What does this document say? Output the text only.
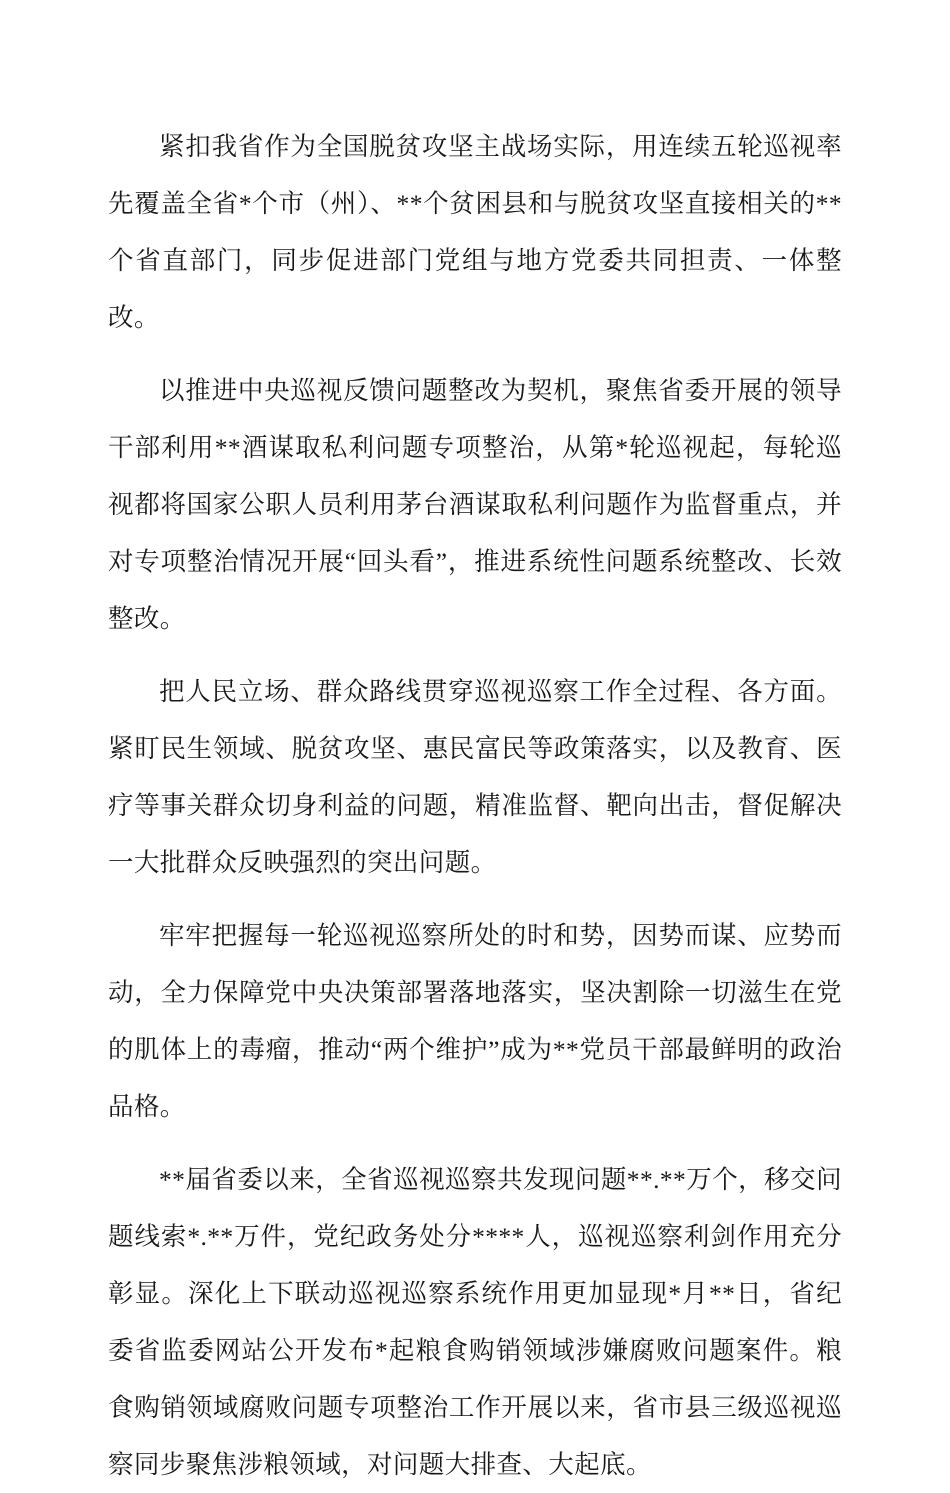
紧扣我省作为全国脱贫攻坚主战场实际，用连续五轮巡视率先覆盖全省*个市（州）、**个贫困县和与脱贫攻坚直接相关的**个省直部门，同步促进部门党组与地方党委共同担责、一体整改。

以推进中央巡视反馈问题整改为契机，聚焦省委开展的领导干部利用**酒谋取私利问题专项整治，从第*轮巡视起，每轮巡视都将国家公职人员利用茅台酒谋取私利问题作为监督重点，并对专项整治情况开展“回头看”，推进系统性问题系统整改、长效整改。

把人民立场、群众路线贯穿巡视巡察工作全过程、各方面。紧盯民生领域、脱贫攻坚、惠民富民等政策落实，以及教育、医疗等事关群众切身利益的问题，精准监督、靶向出击，督促解决一大批群众反映强烈的突出问题。

牢牢把握每一轮巡视巡察所处的时和势，因势而谋、应势而动，全力保障党中央决策部署落地落实，坚决割除一切滋生在党的肌体上的毒瘤，推动“两个维护”成为**党员干部最鲜明的政治品格。

**届省委以来，全省巡视巡察共发现问题**.**万个，移交问题线索*.**万件，党纪政务处分****人，巡视巡察利剑作用充分彰显。深化上下联动巡视巡察系统作用更加显现*月**日，省纪委省监委网站公开发布*起粮食购销领域涉嫌腐败问题案件。粮食购销领域腐败问题专项整治工作开展以来，省市县三级巡视巡察同步聚焦涉粮领域，对问题大排查、大起底。
